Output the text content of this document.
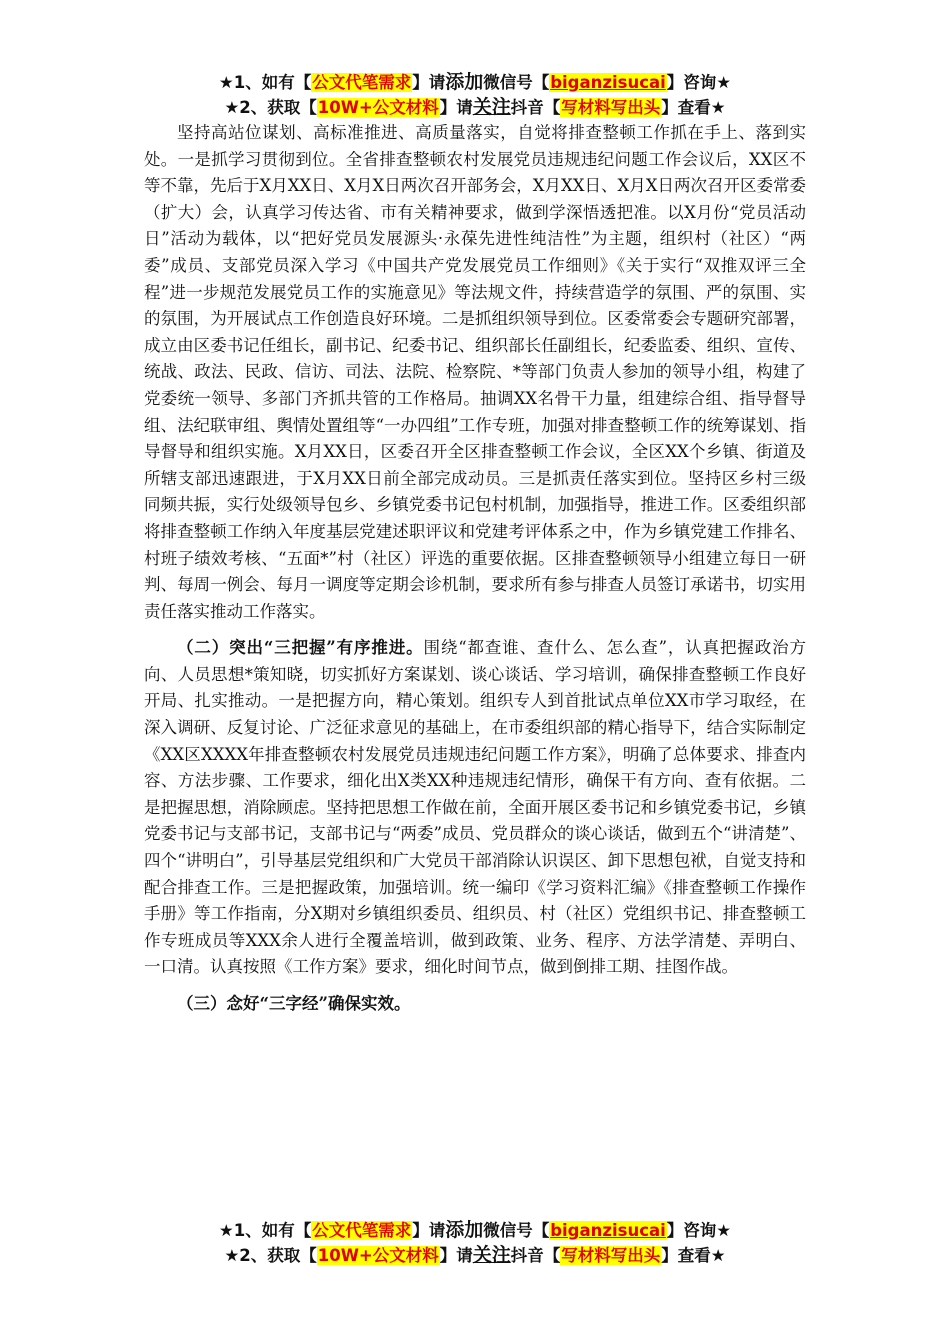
★1、如有【公文代笔需求】请添加微信号【biganzisucai】咨询★
★2、获取【10W+公文材料】请关注抖音【写材料写出头】查看★

坚持高站位谋划、高标准推进、高质量落实，自觉将排查整顿工作抓在手上、落到实处。一是抓学习贯彻到位。全省排查整顿农村发展党员违规违纪问题工作会议后，XX区不等不靠，先后于X月XX日、X月X日两次召开部务会，X月XX日、X月X日两次召开区委常委（扩大）会，认真学习传达省、市有关精神要求，做到学深悟透把准。以X月份“党员活动日”活动为载体，以“把好党员发展源头·永葆先进性纯洁性”为主题，组织村（社区）“两委”成员、支部党员深入学习《中国共产党发展党员工作细则》《关于实行“双推双评三全程”进一步规范发展党员工作的实施意见》等法规文件，持续营造学的氛围、严的氛围、实的氛围，为开展试点工作创造良好环境。二是抓组织领导到位。区委常委会专题研究部署，成立由区委书记任组长，副书记、纪委书记、组织部长任副组长，纪委监委、组织、宣传、统战、政法、民政、信访、司法、法院、检察院、*等部门负责人参加的领导小组，构建了党委统一领导、多部门齐抓共管的工作格局。抽调XX名骨干力量，组建综合组、指导督导组、法纪联审组、舆情处置组等“一办四组”工作专班，加强对排查整顿工作的统筹谋划、指导督导和组织实施。X月XX日，区委召开全区排查整顿工作会议，全区XX个乡镇、街道及所辖支部迅速跟进，于X月XX日前全部完成动员。三是抓责任落实到位。坚持区乡村三级同频共振，实行处级领导包乡、乡镇党委书记包村机制，加强指导，推进工作。区委组织部将排查整顿工作纳入年度基层党建述职评议和党建考评体系之中，作为乡镇党建工作排名、村班子绩效考核、“五面*”村（社区）评选的重要依据。区排查整顿领导小组建立每日一研判、每周一例会、每月一调度等定期会诊机制，要求所有参与排查人员签订承诺书，切实用责任落实推动工作落实。

（二）突出“三把握”有序推进。围绕“都查谁、查什么、怎么查”，认真把握政治方向、人员思想*策知晓，切实抓好方案谋划、谈心谈话、学习培训，确保排查整顿工作良好开局、扎实推动。一是把握方向，精心策划。组织专人到首批试点单位XX市学习取经，在深入调研、反复讨论、广泛征求意见的基础上，在市委组织部的精心指导下，结合实际制定《XX区XXXX年排查整顿农村发展党员违规违纪问题工作方案》，明确了总体要求、排查内容、方法步骤、工作要求，细化出X类XX种违规违纪情形，确保干有方向、查有依据。二是把握思想，消除顾虑。坚持把思想工作做在前，全面开展区委书记和乡镇党委书记，乡镇党委书记与支部书记，支部书记与“两委”成员、党员群众的谈心谈话，做到五个“讲清楚”、四个“讲明白”，引导基层党组织和广大党员干部消除认识误区、卸下思想包袱，自觉支持和配合排查工作。三是把握政策，加强培训。统一编印《学习资料汇编》《排查整顿工作操作手册》等工作指南，分X期对乡镇组织委员、组织员、村（社区）党组织书记、排查整顿工作专班成员等XXX余人进行全覆盖培训，做到政策、业务、程序、方法学清楚、弄明白、一口清。认真按照《工作方案》要求，细化时间节点，做到倒排工期、挂图作战。

（三）念好“三字经”确保实效。

★1、如有【公文代笔需求】请添加微信号【biganzisucai】咨询★
★2、获取【10W+公文材料】请关注抖音【写材料写出头】查看★
